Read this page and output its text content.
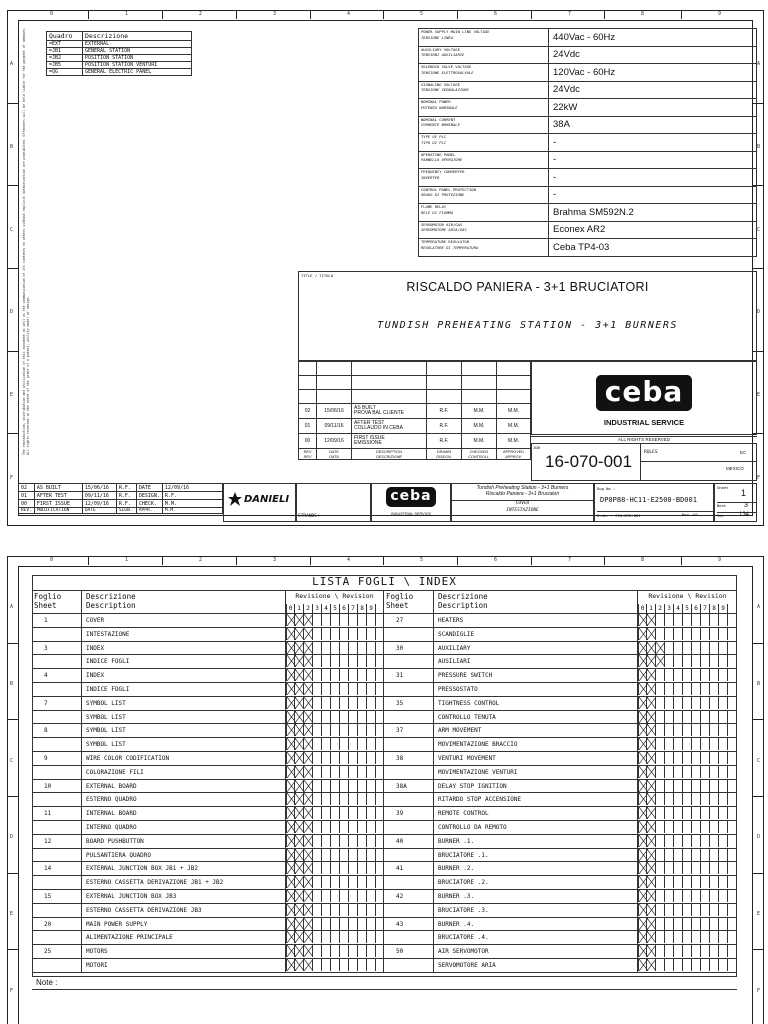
0	1	2	3	4	5	6	7	8	9
A	A
B	B
C	C
D	D
E	E
F	F
The reproduction, distribution and utilization of this document as well as the communication of its contents to others without explicit authorization are prohibited. Offenders will be held liable for the payment of damages. All rights reserved in the event of the grant of a patent, utility model or design.
Quadro	Descrizione
=EXT	EXTERNAL
=JB1	GENERAL STATION
=JB2	POSITION STATION
=JB5	POSITION STATION VENTURI
=QG	GENERAL ELECTRIC PANEL
POWER SUPPLY MAIN LINE VOLTAGE
TENSIONE LINEA	440Vac - 60Hz

AUXILIARY VOLTAGE
TENSIONI AUSILIARIE	24Vdc

SOLENOID VALVE VOLTAGE
TENSIONE ELETTROVALVOLE	120Vac - 60Hz

SIGNALING VOLTAGE
TENSIONE SEGNALAZIONI	24Vdc

NOMINAL POWER
POTENZA NOMINALE	22kW

NOMINAL CURRENT
CORRENTE NOMINALE	38A

TYPE OF PLC
TIPO DI PLC	-

OPERATING PANEL
PANNELLO OPERATORE	-

FREQUENCY CONVERTER
INVERTER	-

CONTROL PANEL PROTECTION
GRADO DI PROTEZIONE	-

FLAME RELAY
RELE DI FIAMMA	Brahma SM592N.2

SERVOMOTOR AIR/GAS
SERVOMOTORE ARIA/GAS	Econex AR2

TEMPERATURE REGULATOR
REGOLATORE DI TEMPERATURA	Ceba TP4-03
TITLE / TITOLO
RISCALDO PANIERA - 3+1 BRUCIATORI
TUNDISH PREHEATING STATION - 3+1 BURNERS

02	15/06/16	AS BUILT
PROVA BAL CLIENTE	R.F.	M.M.	M.M.
01	09/11/16	AFTER TEST
COLLAUDO IN CEBA	R.F.	M.M.	M.M.
00	12/09/16	FIRST ISSUE
EMISSIONE	R.F.	M.M.	M.M.
REV	DATE	DESCRIPTION	DRAWN	CHECKED	APPROVED
REV	DATA	DESCRIZIONE	DISEGN.	CONTROLL.	APPROV.
ceba
INDUSTRIAL SERVICE
ALL RIGHTS RESERVED
JOB
16-070-001	RULES	EC
MEXICO
02	AS BUILT	15/06/16	R.F.	DATE	12/09/16
01	AFTER TEST	09/11/16	R.F.	DESIGN.	R.F.
00	FIRST ISSUE	12/09/16	R.F.	CHECK.	M.M.
REV.	MODIFICATION	DATE	SIGN.	APPR.	M.M.
DANIELI
STRANDS:
ceba
INDUSTRIAL SERVICE
Tundish Preheating Station - 3+1 Burners
Riscaldo Paniera - 3+1 Bruciatori
COVER
INTESTAZIONE
Dwg No :
DP0P88-HC11-E2500-BD001
Order : C16-878-001	Rev :02
Sheet
1
Next	3
Tot	134
0	1	2	3	4	5	6	7	8	9
A	A
B	B
C	C
D	D
E	E
F	F
LISTA FOGLI \ INDEX
Foglio
Sheet
Descrizione
Description
Revisione \ Revision
0 1 2 3 4 5 6 7 8 9
1	COVER
INTESTAZIONE
3	INDEX
INDICE FOGLI
4	INDEX
INDICE FOGLI
7	SYMBOL LIST
SYMBOL LIST
8	SYMBOL LIST
SYMBOL LIST
9	WIRE COLOR CODIFICATION
COLORAZIONE FILI
10	EXTERNAL BOARD
ESTERNO QUADRO
11	INTERNAL BOARD
INTERNO QUADRO
12	BOARD PUSHBUTTON
PULSANTIERA QUADRO
14	EXTERNAL JUNCTION BOX JB1 + JB2
ESTERNO CASSETTA DERIVAZIONE JB1 + JB2
15	EXTERNAL JUNCTION BOX JB3
ESTERNO CASSETTA DERIVAZIONE JB3
20	MAIN POWER SUPPLY
ALIMENTAZIONE PRINCIPALE
25	MOTORS
MOTORI
Foglio
Sheet
Descrizione
Description
Revisione \ Revision
0 1 2 3 4 5 6 7 8 9
27	HEATERS
SCANDIGLIE
30	AUXILIARY
AUSILIARI
31	PRESSURE SWITCH
PRESSOSTATO
35	TIGHTNESS CONTROL
CONTROLLO TENUTA
37	ARM MOVEMENT
MOVIMENTAZIONE BRACCIO
38	VENTURI MOVEMENT
MOVIMENTAZIONE VENTURI
38A	DELAY STOP IGNITION
RITARDO STOP ACCENSIONE
39	REMOTE CONTROL
CONTROLLO DA REMOTO
40	BURNER .1.
BRUCIATORE .1.
41	BURNER .2.
BRUCIATORE .2.
42	BURNER .3.
BRUCIATORE .3.
43	BURNER .4.
BRUCIATORE .4.
50	AIR SERVOMOTOR
SERVOMOTORE ARIA
Note :
